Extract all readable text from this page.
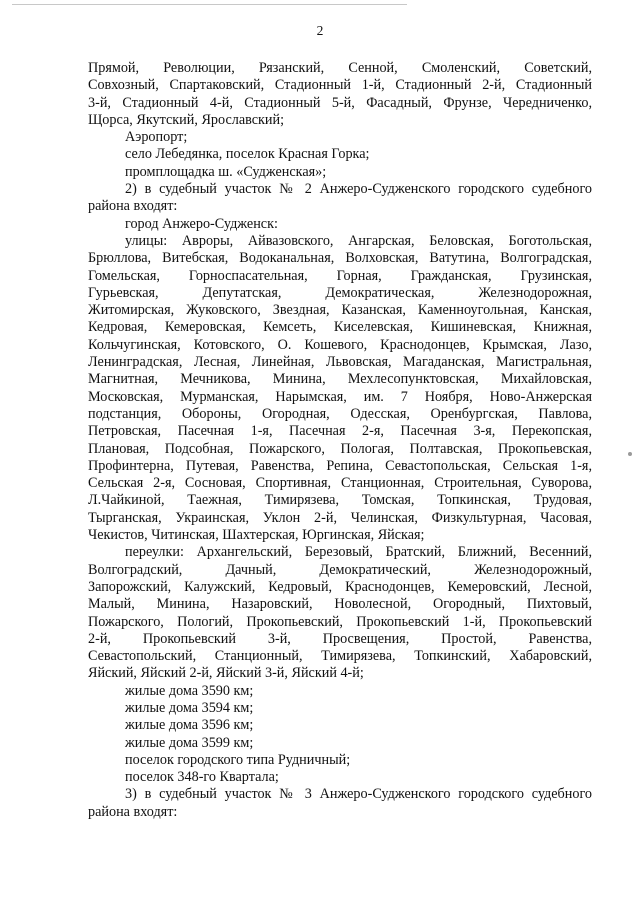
2
Прямой, Революции, Рязанский, Сенной, Смоленский, Советский,
Совхозный, Спартаковский, Стадионный 1-й, Стадионный 2-й, Стадионный
3-й, Стадионный 4-й, Стадионный 5-й, Фасадный, Фрунзе, Чередниченко,
Щорса, Якутский, Ярославский;
Аэропорт;
село Лебедянка, поселок Красная Горка;
промплощадка ш. «Судженская»;
2) в судебный участок № 2 Анжеро-Судженского городского судебного
района входят:
город Анжеро-Судженск:
улицы: Авроры, Айвазовского, Ангарская, Беловская, Боготольская,
Брюллова, Витебская, Водоканальная, Волховская, Ватутина, Волгоградская,
Гомельская, Горноспасательная, Горная, Гражданская, Грузинская,
Гурьевская, Депутатская, Демократическая, Железнодорожная,
Житомирская, Жуковского, Звездная, Казанская, Каменноугольная, Канская,
Кедровая, Кемеровская, Кемсеть, Киселевская, Кишиневская, Книжная,
Кольчугинская, Котовского, О. Кошевого, Краснодонцев, Крымская, Лазо,
Ленинградская, Лесная, Линейная, Львовская, Магаданская, Магистральная,
Магнитная, Мечникова, Минина, Мехлесопунктовская, Михайловская,
Московская, Мурманская, Нарымская, им. 7 Ноября, Ново-Анжерская
подстанция, Обороны, Огородная, Одесская, Оренбургская, Павлова,
Петровская, Пасечная 1-я, Пасечная 2-я, Пасечная 3-я, Перекопская,
Плановая, Подсобная, Пожарского, Пологая, Полтавская, Прокопьевская,
Профинтерна, Путевая, Равенства, Репина, Севастопольская, Сельская 1-я,
Сельская 2-я, Сосновая, Спортивная, Станционная, Строительная, Суворова,
Л.Чайкиной, Таежная, Тимирязева, Томская, Топкинская, Трудовая,
Тырганская, Украинская, Уклон 2-й, Челинская, Физкультурная, Часовая,
Чекистов, Читинская, Шахтерская, Юргинская, Яйская;
переулки: Архангельский, Березовый, Братский, Ближний, Весенний,
Волгоградский, Дачный, Демократический, Железнодорожный,
Запорожский, Калужский, Кедровый, Краснодонцев, Кемеровский, Лесной,
Малый, Минина, Назаровский, Новолесной, Огородный, Пихтовый,
Пожарского, Пологий, Прокопьевский, Прокопьевский 1-й, Прокопьевский
2-й, Прокопьевский 3-й, Просвещения, Простой, Равенства,
Севастопольский, Станционный, Тимирязева, Топкинский, Хабаровский,
Яйский, Яйский 2-й, Яйский 3-й, Яйский 4-й;
жилые дома 3590 км;
жилые дома 3594 км;
жилые дома 3596 км;
жилые дома 3599 км;
поселок городского типа Рудничный;
поселок 348-го Квартала;
3) в судебный участок № 3 Анжеро-Судженского городского судебного
района входят:
